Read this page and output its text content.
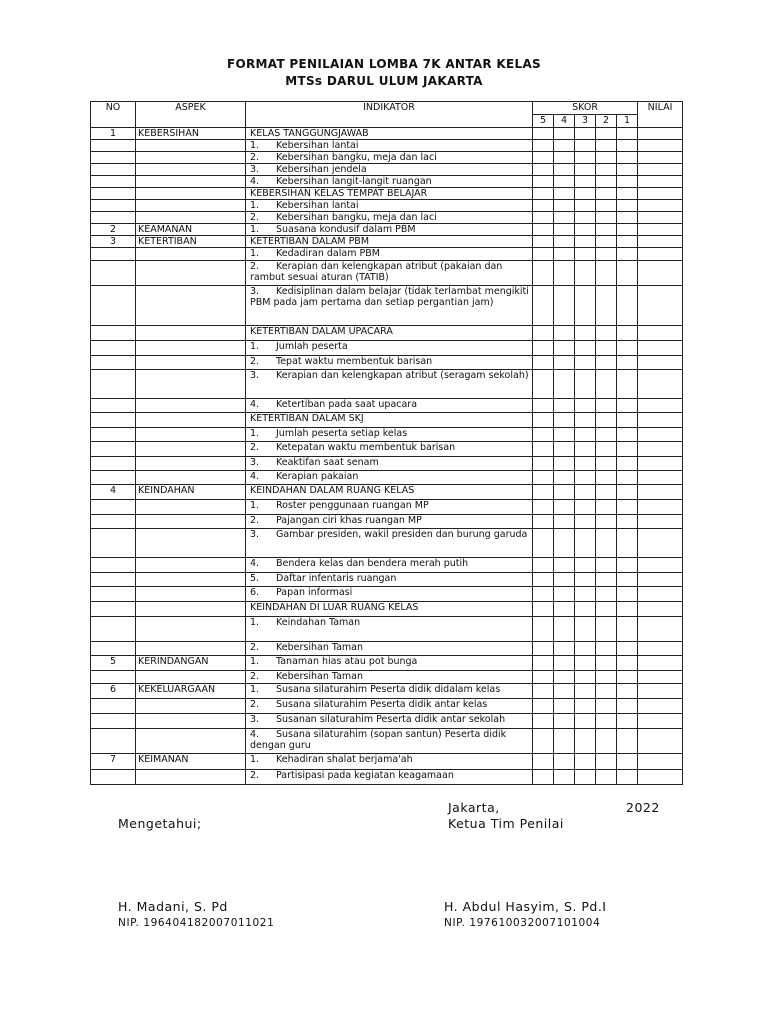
FORMAT PENILAIAN LOMBA 7K ANTAR KELAS
MTSs DARUL ULUM JAKARTA
NO	ASPEK	INDIKATOR	SKOR					NILAI
			5	4	3	2	1	
1	KEBERSIHAN	KELAS TANGGUNGJAWAB						
		1. Kebersihan lantai						
		2. Kebersihan bangku, meja dan laci						
		3. Kebersihan jendela						
		4. Kebersihan langit-langit ruangan						
		KEBERSIHAN KELAS TEMPAT BELAJAR						
		1. Kebersihan lantai						
		2. Kebersihan bangku, meja dan laci						
2	KEAMANAN	1. Suasana kondusif dalam PBM						
3	KETERTIBAN	KETERTIBAN DALAM PBM						
		1. Kedadiran dalam PBM						
		2. Kerapian dan kelengkapan atribut (pakaian dan rambut sesuai aturan (TATIB)						
		3. Kedisiplinan dalam belajar (tidak terlambat mengikiti PBM pada jam pertama dan setiap pergantian jam)						
		KETERTIBAN DALAM UPACARA						
		1. Jumlah peserta						
		2. Tepat waktu membentuk barisan						
		3. Kerapian dan kelengkapan atribut (seragam sekolah)						
		4. Ketertiban pada saat upacara						
		KETERTIBAN DALAM SKJ						
		1. Jumlah peserta setiap kelas						
		2. Ketepatan waktu membentuk barisan						
		3. Keaktifan saat senam						
		4. Kerapian pakaian						
4	KEINDAHAN	KEINDAHAN DALAM RUANG KELAS						
		1. Roster penggunaan ruangan MP						
		2. Pajangan ciri khas ruangan MP						
		3. Gambar presiden, wakil presiden dan burung garuda						
		4. Bendera kelas dan bendera merah putih						
		5. Daftar infentaris ruangan						
		6. Papan informasi						
		KEINDAHAN DI LUAR RUANG KELAS						
		1. Keindahan Taman						
		2. Kebersihan Taman						
5	KERINDANGAN	1. Tanaman hias atau pot bunga						
		2. Kebersihan Taman						
6	KEKELUARGAAN	1. Susana silaturahim Peserta didik didalam kelas						
		2. Susana silaturahim Peserta didik antar kelas						
		3. Susanan silaturahim Peserta didik antar sekolah						
		4. Susana silaturahim (sopan santun) Peserta didik dengan guru						
7	KEIMANAN	1. Kehadiran shalat berjama'ah						
		2. Partisipasi pada kegiatan keagamaan						
Jakarta,	2022
Mengetahui;	Ketua Tim Penilai
H. Madani, S. Pd
NIP. 196404182007011021
H. Abdul Hasyim, S. Pd.I
NIP. 197610032007101004
